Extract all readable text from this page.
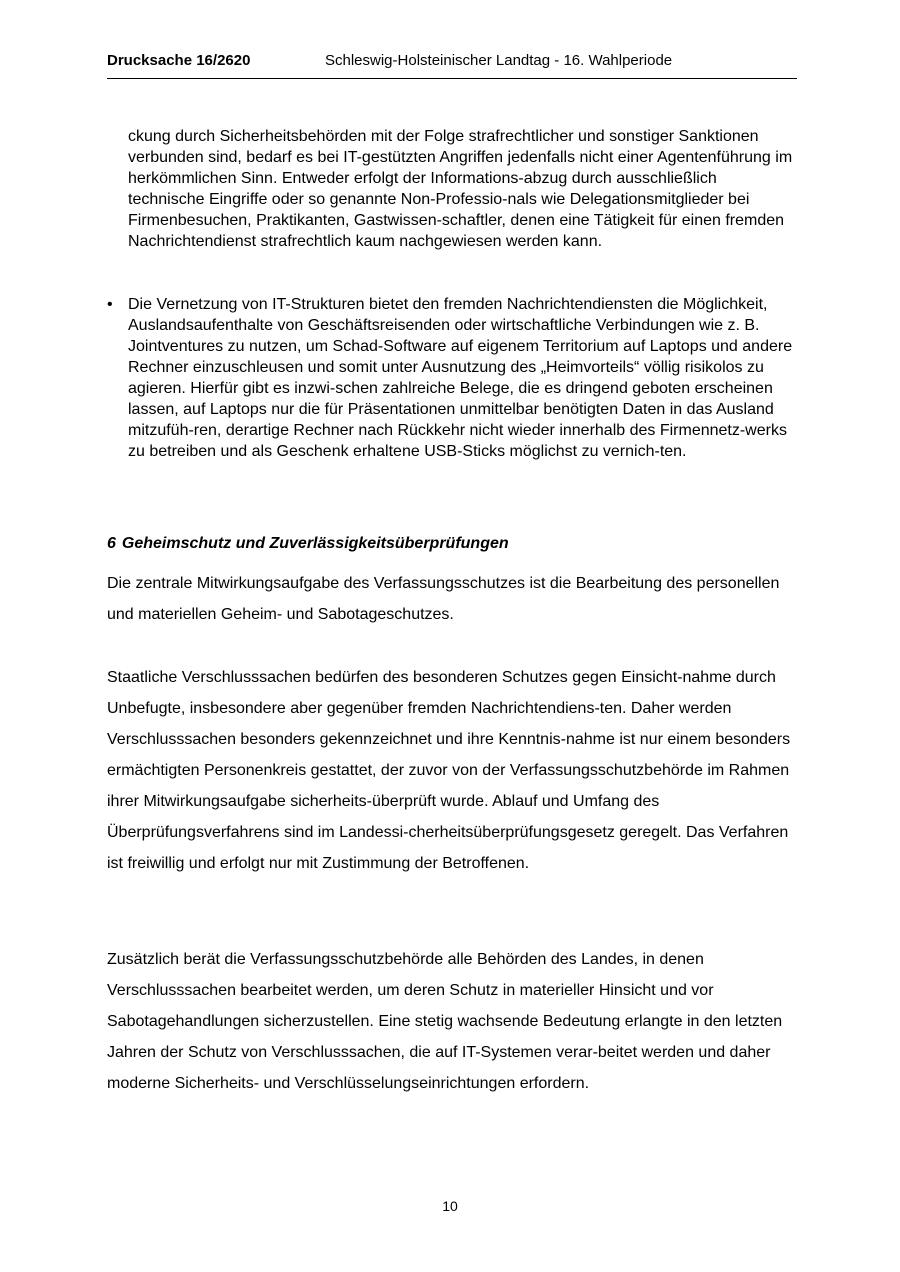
Drucksache 16/2620	Schleswig-Holsteinischer Landtag - 16. Wahlperiode

ckung durch Sicherheitsbehörden mit der Folge strafrechtlicher und sonstiger Sanktionen verbunden sind, bedarf es bei IT-gestützten Angriffen jedenfalls nicht einer Agentenführung im herkömmlichen Sinn. Entweder erfolgt der Informations-abzug durch ausschließlich technische Eingriffe oder so genannte Non-Professio-nals wie Delegationsmitglieder bei Firmenbesuchen, Praktikanten, Gastwissen-schaftler, denen eine Tätigkeit für einen fremden Nachrichtendienst strafrechtlich kaum nachgewiesen werden kann.

• Die Vernetzung von IT-Strukturen bietet den fremden Nachrichtendiensten die Möglichkeit, Auslandsaufenthalte von Geschäftsreisenden oder wirtschaftliche Verbindungen wie z. B. Jointventures zu nutzen, um Schad-Software auf eigenem Territorium auf Laptops und andere Rechner einzuschleusen und somit unter Ausnutzung des „Heimvorteils“ völlig risikolos zu agieren. Hierfür gibt es inzwi-schen zahlreiche Belege, die es dringend geboten erscheinen lassen, auf Laptops nur die für Präsentationen unmittelbar benötigten Daten in das Ausland mitzufüh-ren, derartige Rechner nach Rückkehr nicht wieder innerhalb des Firmennetz-werks zu betreiben und als Geschenk erhaltene USB-Sticks möglichst zu vernich-ten.

6 Geheimschutz und Zuverlässigkeitsüberprüfungen

Die zentrale Mitwirkungsaufgabe des Verfassungsschutzes ist die Bearbeitung des personellen und materiellen Geheim- und Sabotageschutzes.

Staatliche Verschlusssachen bedürfen des besonderen Schutzes gegen Einsicht-nahme durch Unbefugte, insbesondere aber gegenüber fremden Nachrichtendiens-ten. Daher werden Verschlusssachen besonders gekennzeichnet und ihre Kenntnis-nahme ist nur einem besonders ermächtigten Personenkreis gestattet, der zuvor von der Verfassungsschutzbehörde im Rahmen ihrer Mitwirkungsaufgabe sicherheits-überprüft wurde. Ablauf und Umfang des Überprüfungsverfahrens sind im Landessi-cherheitsüberprüfungsgesetz geregelt. Das Verfahren ist freiwillig und erfolgt nur mit Zustimmung der Betroffenen.

Zusätzlich berät die Verfassungsschutzbehörde alle Behörden des Landes, in denen Verschlusssachen bearbeitet werden, um deren Schutz in materieller Hinsicht und vor Sabotagehandlungen sicherzustellen. Eine stetig wachsende Bedeutung erlangte in den letzten Jahren der Schutz von Verschlusssachen, die auf IT-Systemen verar-beitet werden und daher moderne Sicherheits- und Verschlüsselungseinrichtungen erfordern.

10
